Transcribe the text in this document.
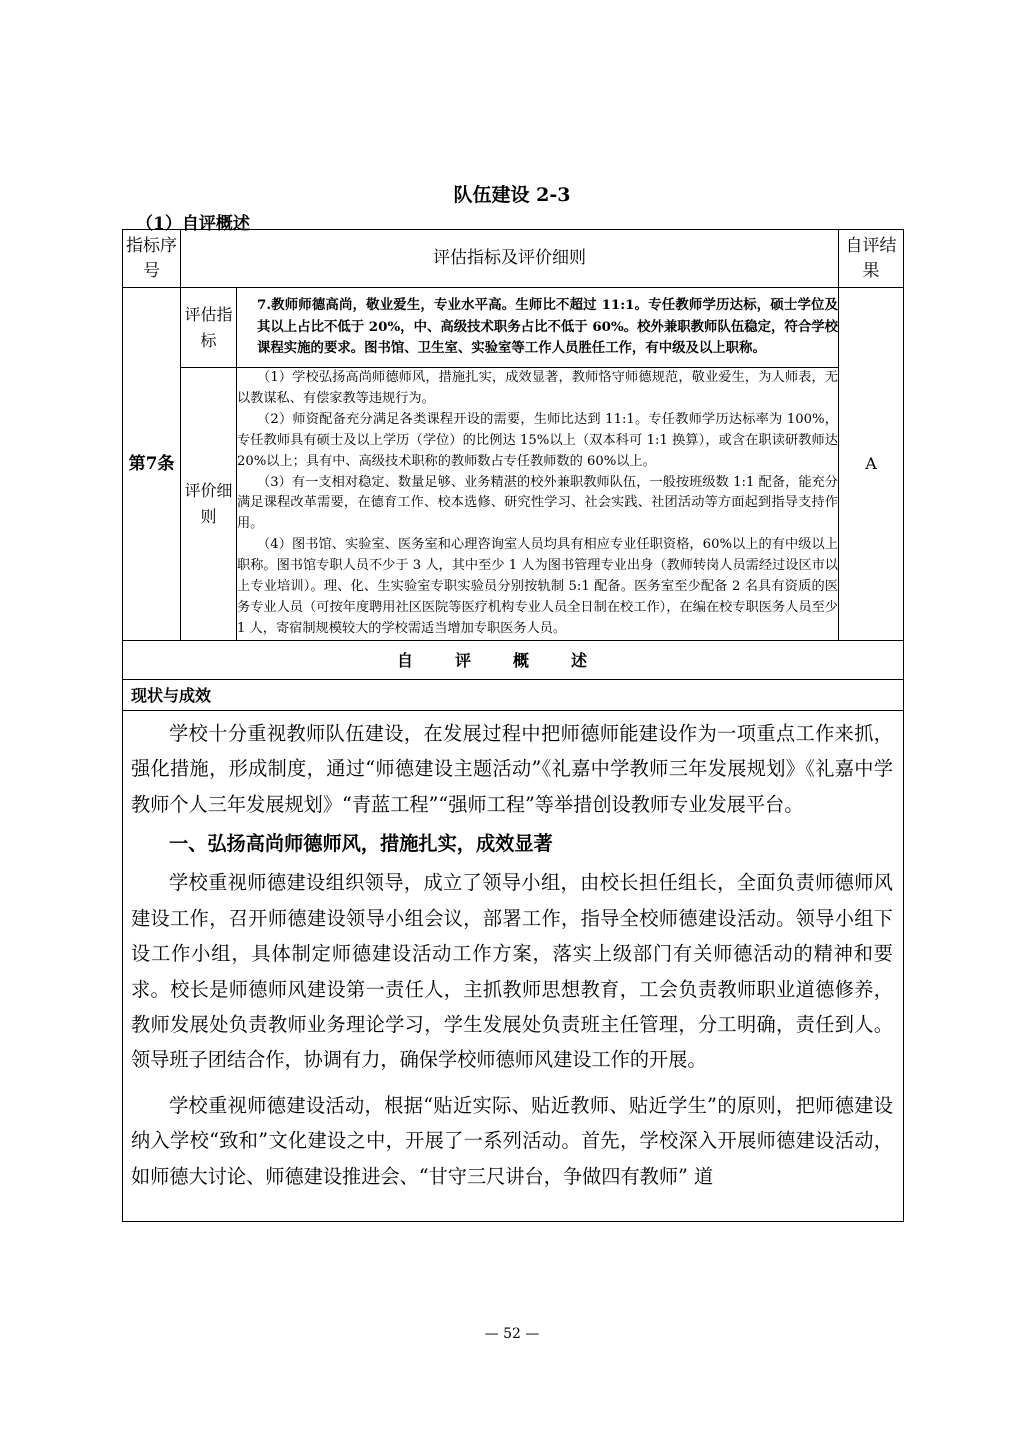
队伍建设 2-3
（1）自评概述
指标序号	评估指标及评价细则		自评结果
第7条	评估指标	7.教师师德高尚，敬业爱生，专业水平高。生师比不超过 11:1。专任教师学历达标，硕士学位及其以上占比不低于 20%，中、高级技术职务占比不低于 60%。校外兼职教师队伍稳定，符合学校课程实施的要求。图书馆、卫生室、实验室等工作人员胜任工作，有中级及以上职称。	A
	评价细则	（1）学校弘扬高尚师德师风，措施扎实，成效显著，教师恪守师德规范，敬业爱生，为人师表，无以教谋私、有偿家教等违规行为。

（2）师资配备充分满足各类课程开设的需要，生师比达到 11:1。专任教师学历达标率为 100%，专任教师具有硕士及以上学历（学位）的比例达 15%以上（双本科可 1:1 换算），或含在职读研教师达 20%以上；具有中、高级技术职称的教师数占专任教师数的 60%以上。

（3）有一支相对稳定、数量足够、业务精湛的校外兼职教师队伍，一般按班级数 1:1 配备，能充分满足课程改革需要，在德育工作、校本选修、研究性学习、社会实践、社团活动等方面起到指导支持作用。

（4）图书馆、实验室、医务室和心理咨询室人员均具有相应专业任职资格，60%以上的有中级以上职称。图书馆专职人员不少于 3 人，其中至少 1 人为图书管理专业出身（教师转岗人员需经过设区市以上专业培训）。理、化、生实验室专职实验员分别按轨制 5:1 配备。医务室至少配备 2 名具有资质的医务专业人员（可按年度聘用社区医院等医疗机构专业人员全日制在校工作），在编在校专职医务人员至少 1 人，寄宿制规模较大的学校需适当增加专职医务人员。	

自评概述			
现状与成效			

学校十分重视教师队伍建设，在发展过程中把师德师能建设作为一项重点工作来抓，强化措施，形成制度，通过“师德建设主题活动”《礼嘉中学教师三年发展规划》《礼嘉中学教师个人三年发展规划》“青蓝工程”“强师工程”等举措创设教师专业发展平台。

一、弘扬高尚师德师风，措施扎实，成效显著

学校重视师德建设组织领导，成立了领导小组，由校长担任组长，全面负责师德师风建设工作，召开师德建设领导小组会议，部署工作，指导全校师德建设活动。领导小组下设工作小组，具体制定师德建设活动工作方案，落实上级部门有关师德活动的精神和要求。校长是师德师风建设第一责任人，主抓教师思想教育，工会负责教师职业道德修养，教师发展处负责教师业务理论学习，学生发展处负责班主任管理，分工明确，责任到人。领导班子团结合作，协调有力，确保学校师德师风建设工作的开展。

学校重视师德建设活动，根据“贴近实际、贴近教师、贴近学生”的原则，把师德建设纳入学校“致和”文化建设之中，开展了一系列活动。首先，学校深入开展师德建设活动，如师德大讨论、师德建设推进会、“甘守三尺讲台，争做四有教师” 道			

— 52 —
